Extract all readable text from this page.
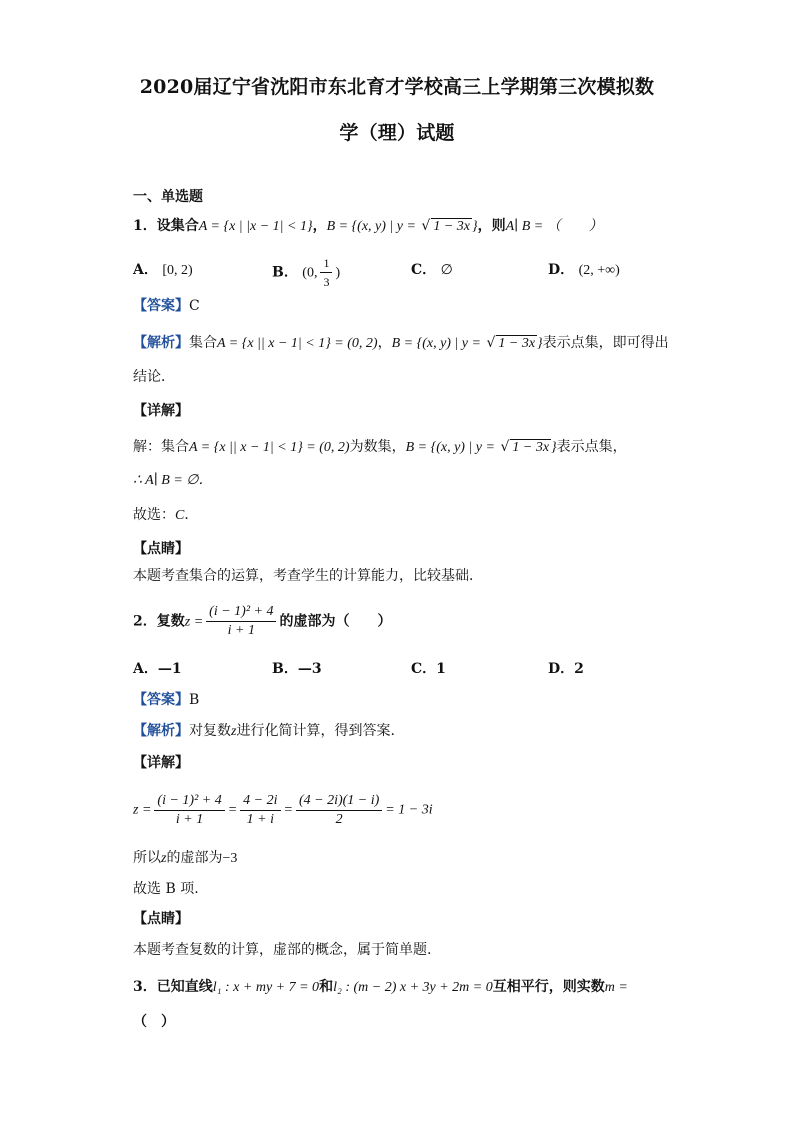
2020届辽宁省沈阳市东北育才学校高三上学期第三次模拟数
学（理）试题
一、单选题
1．设集合A = {x | |x − 1| < 1}，B = {(x, y) | y = √ 1 − 3x }，则A∣ B = （　　）
A． [0, 2)	B． (0, $\frac{1}{3}$ )	C． ∅	D． (2, +∞)
【答案】C
【解析】集合A = {x || x − 1| < 1} = (0, 2)，B = {(x, y) | y = √ 1 − 3x }表示点集，即可得出
结论．
【详解】
解：集合A = {x || x − 1| < 1} = (0, 2)为数集，B = {(x, y) | y = √ 1 − 3x }表示点集，
∴ A∣ B = ∅．
故选：C．
【点睛】
本题考查集合的运算，考查学生的计算能力，比较基础．
2．复数$z = \frac{\text{(i − 1)² + 4}}{i + 1}$ 的虚部为（　　）
A．—1	B．—3	C．1	D．2
【答案】B
【解析】对复数z进行化简计算，得到答案.
【详解】
$z = \frac{\text{(i − 1)² + 4}}{i + 1} = \frac{4 - 2i}{1 + i} = \frac{(4 - 2i)(1 - i)}{2} = 1 - 3i$
所以z的虚部为−3
故选 B 项.
【点睛】
本题考查复数的计算，虚部的概念，属于简单题.
3．已知直线l₁ : x + my + 7 = 0和l₂ : (m − 2) x + 3y + 2m = 0互相平行，则实数m =
（　）
